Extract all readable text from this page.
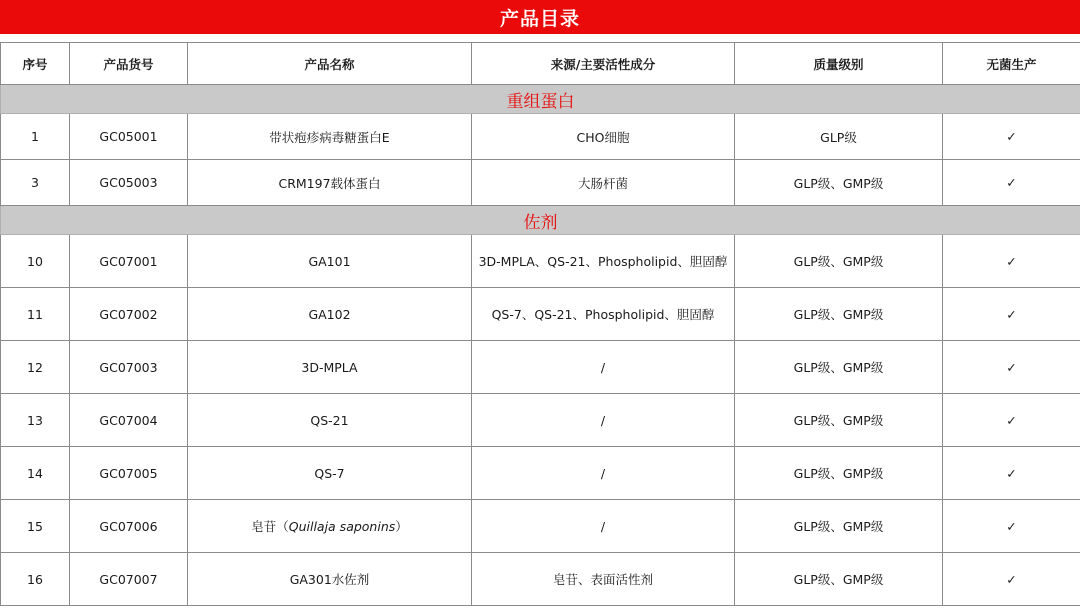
产品目录
序号	产品货号	产品名称	来源/主要活性成分	质量级别	无菌生产
重组蛋白					
1	GC05001	带状疱疹病毒糖蛋白E	CHO细胞	GLP级	✓
3	GC05003	CRM197载体蛋白	大肠杆菌	GLP级、GMP级	✓
佐剂					
10	GC07001	GA101	3D-MPLA、QS-21、Phospholipid、胆固醇	GLP级、GMP级	✓
11	GC07002	GA102	QS-7、QS-21、Phospholipid、胆固醇	GLP级、GMP级	✓
12	GC07003	3D-MPLA	/	GLP级、GMP级	✓
13	GC07004	QS-21	/	GLP级、GMP级	✓
14	GC07005	QS-7	/	GLP级、GMP级	✓
15	GC07006	皂苷（Quillaja saponins）	/	GLP级、GMP级	✓
16	GC07007	GA301水佐剂	皂苷、表面活性剂	GLP级、GMP级	✓
